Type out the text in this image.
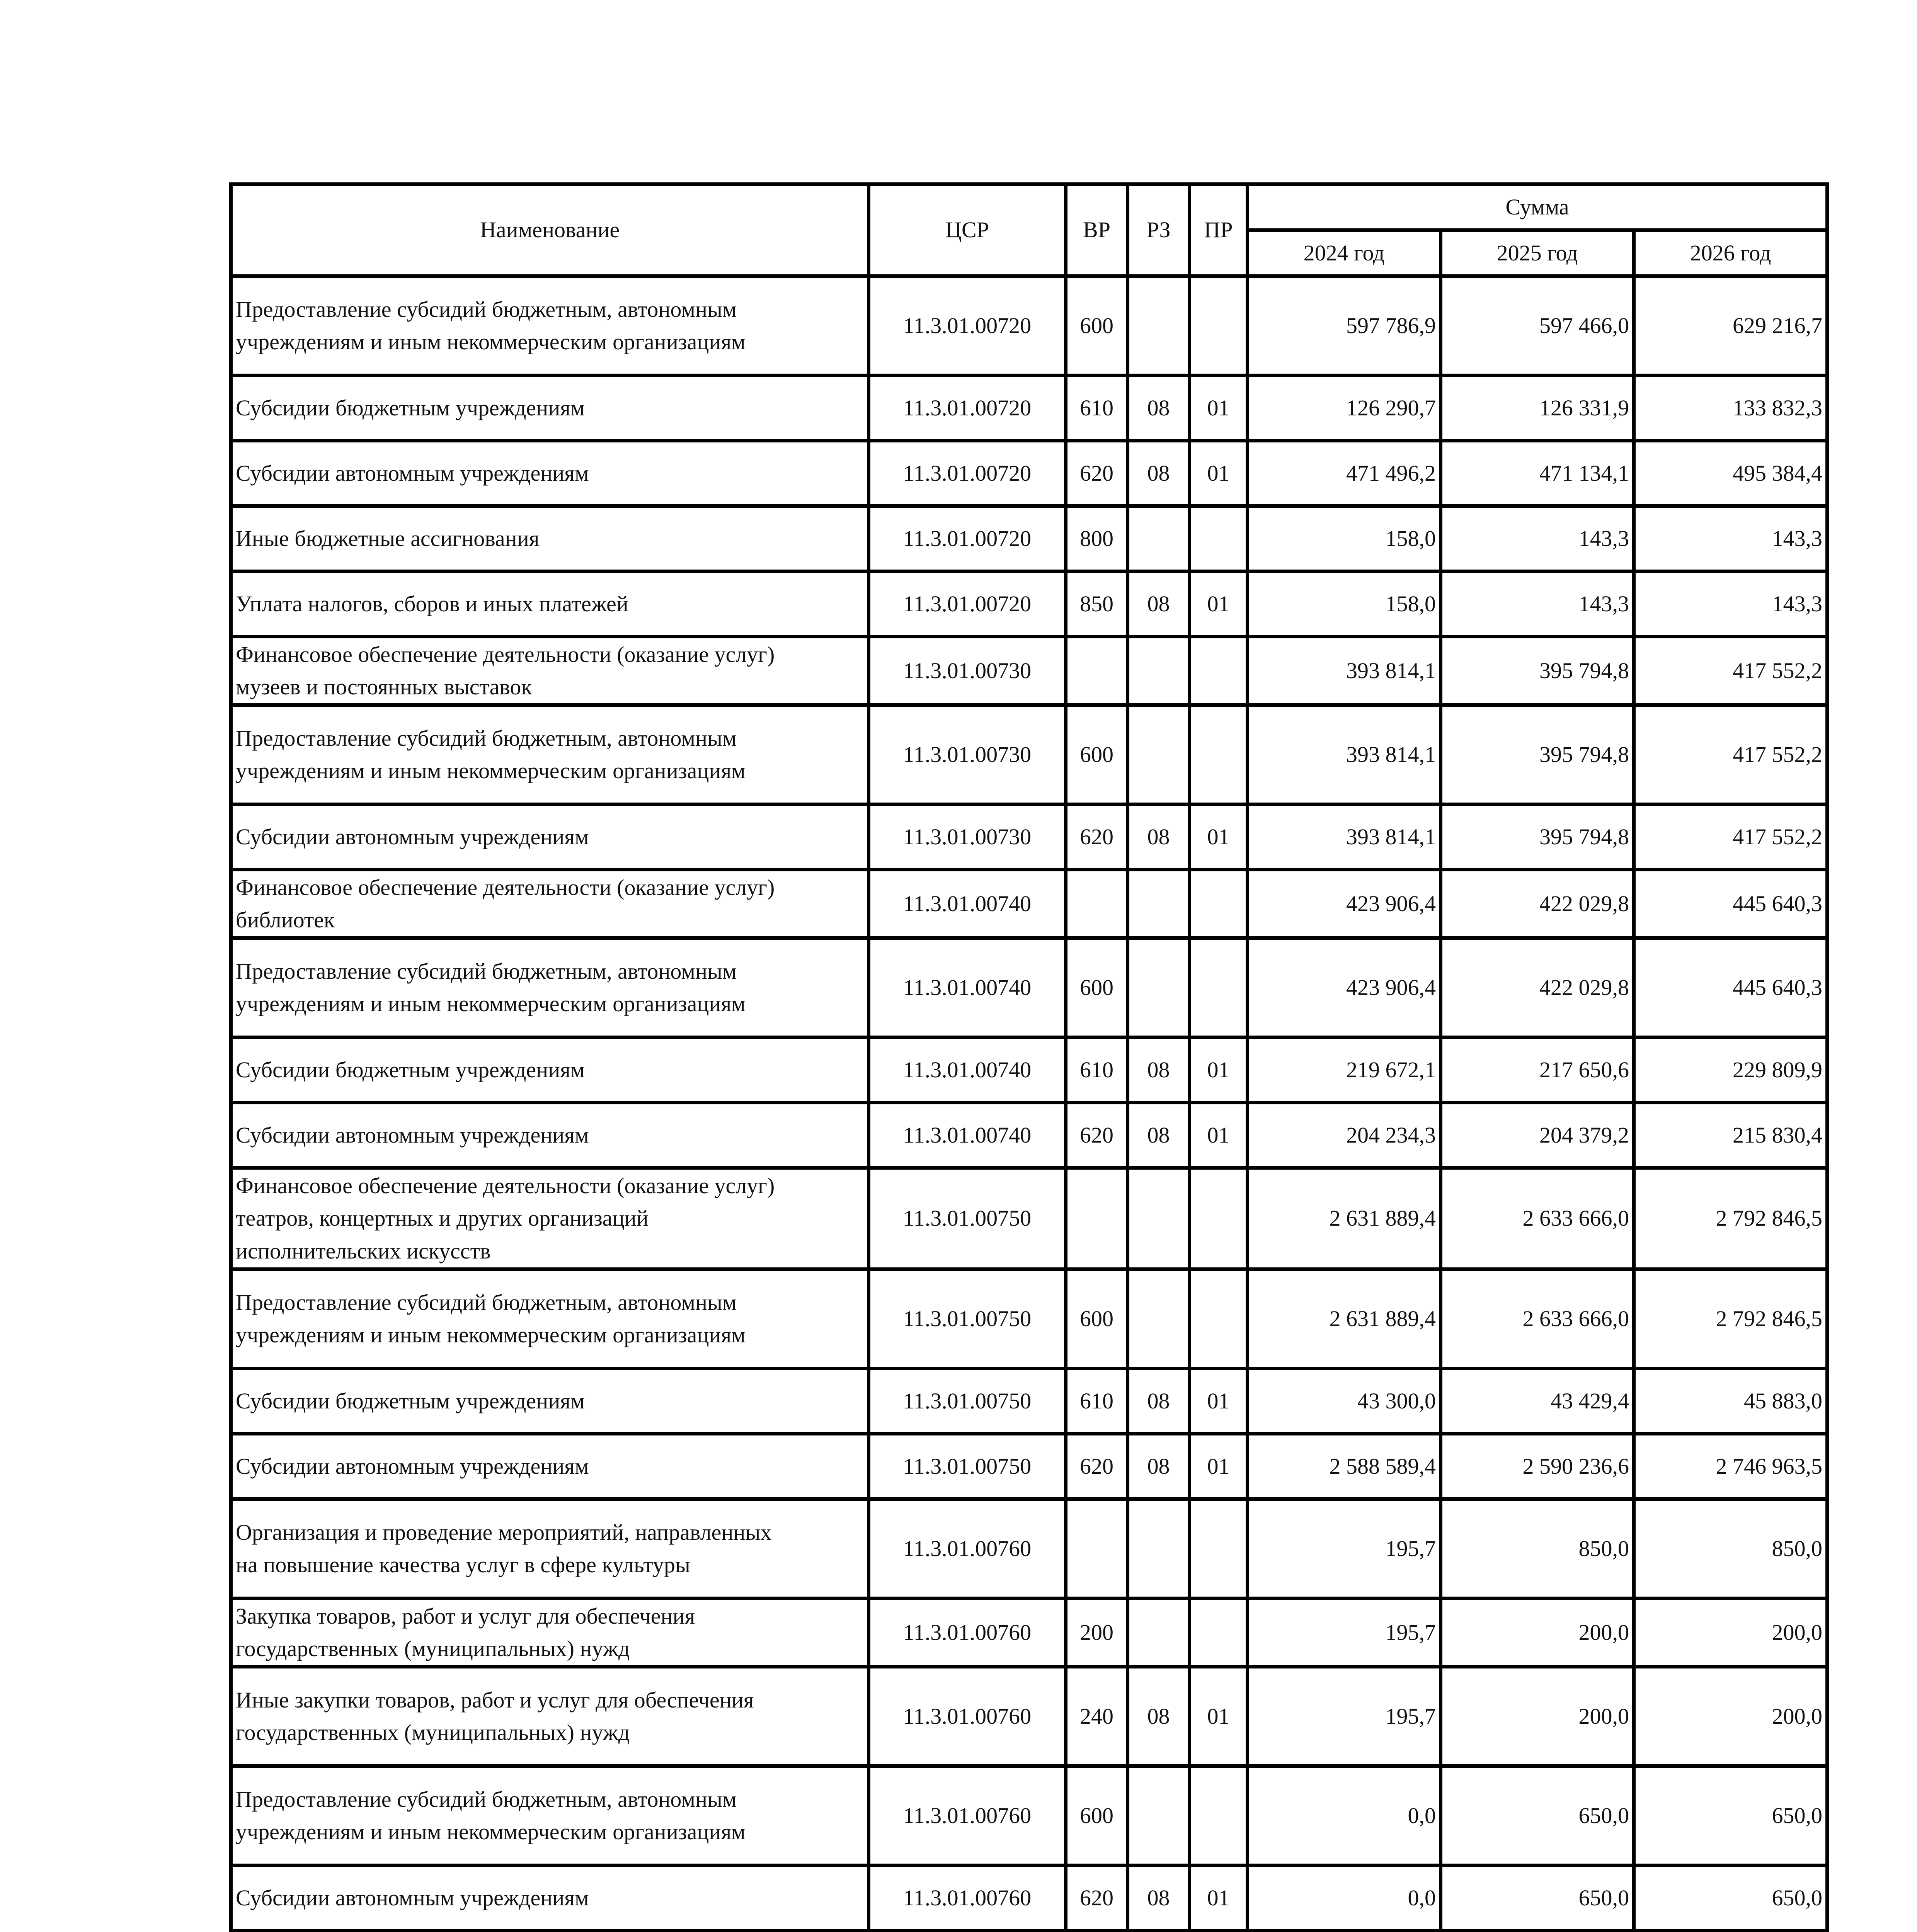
Наименование	ЦСР	ВР	РЗ	ПР	Сумма		
					2024 год	2025 год	2026 год

Предоставление субсидий бюджетным, автономным
учреждениям и иным некоммерческим организациям	11.3.01.00720	600			597 786,9	597 466,0	629 216,7

Субсидии бюджетным учреждениям	11.3.01.00720	610	08	01	126 290,7	126 331,9	133 832,3

Субсидии автономным учреждениям	11.3.01.00720	620	08	01	471 496,2	471 134,1	495 384,4

Иные бюджетные ассигнования	11.3.01.00720	800			158,0	143,3	143,3

Уплата налогов, сборов и иных платежей	11.3.01.00720	850	08	01	158,0	143,3	143,3

Финансовое обеспечение деятельности (оказание услуг)
музеев и постоянных выставок	11.3.01.00730				393 814,1	395 794,8	417 552,2

Предоставление субсидий бюджетным, автономным
учреждениям и иным некоммерческим организациям	11.3.01.00730	600			393 814,1	395 794,8	417 552,2

Субсидии автономным учреждениям	11.3.01.00730	620	08	01	393 814,1	395 794,8	417 552,2

Финансовое обеспечение деятельности (оказание услуг)
библиотек	11.3.01.00740				423 906,4	422 029,8	445 640,3

Предоставление субсидий бюджетным, автономным
учреждениям и иным некоммерческим организациям	11.3.01.00740	600			423 906,4	422 029,8	445 640,3

Субсидии бюджетным учреждениям	11.3.01.00740	610	08	01	219 672,1	217 650,6	229 809,9

Субсидии автономным учреждениям	11.3.01.00740	620	08	01	204 234,3	204 379,2	215 830,4

Финансовое обеспечение деятельности (оказание услуг)
театров, концертных и других организаций
исполнительских искусств	11.3.01.00750				2 631 889,4	2 633 666,0	2 792 846,5

Предоставление субсидий бюджетным, автономным
учреждениям и иным некоммерческим организациям	11.3.01.00750	600			2 631 889,4	2 633 666,0	2 792 846,5

Субсидии бюджетным учреждениям	11.3.01.00750	610	08	01	43 300,0	43 429,4	45 883,0

Субсидии автономным учреждениям	11.3.01.00750	620	08	01	2 588 589,4	2 590 236,6	2 746 963,5

Организация и проведение мероприятий, направленных
на повышение качества услуг в сфере культуры	11.3.01.00760				195,7	850,0	850,0

Закупка товаров, работ и услуг для обеспечения
государственных (муниципальных) нужд	11.3.01.00760	200			195,7	200,0	200,0

Иные закупки товаров, работ и услуг для обеспечения
государственных (муниципальных) нужд	11.3.01.00760	240	08	01	195,7	200,0	200,0

Предоставление субсидий бюджетным, автономным
учреждениям и иным некоммерческим организациям	11.3.01.00760	600			0,0	650,0	650,0

Субсидии автономным учреждениям	11.3.01.00760	620	08	01	0,0	650,0	650,0
